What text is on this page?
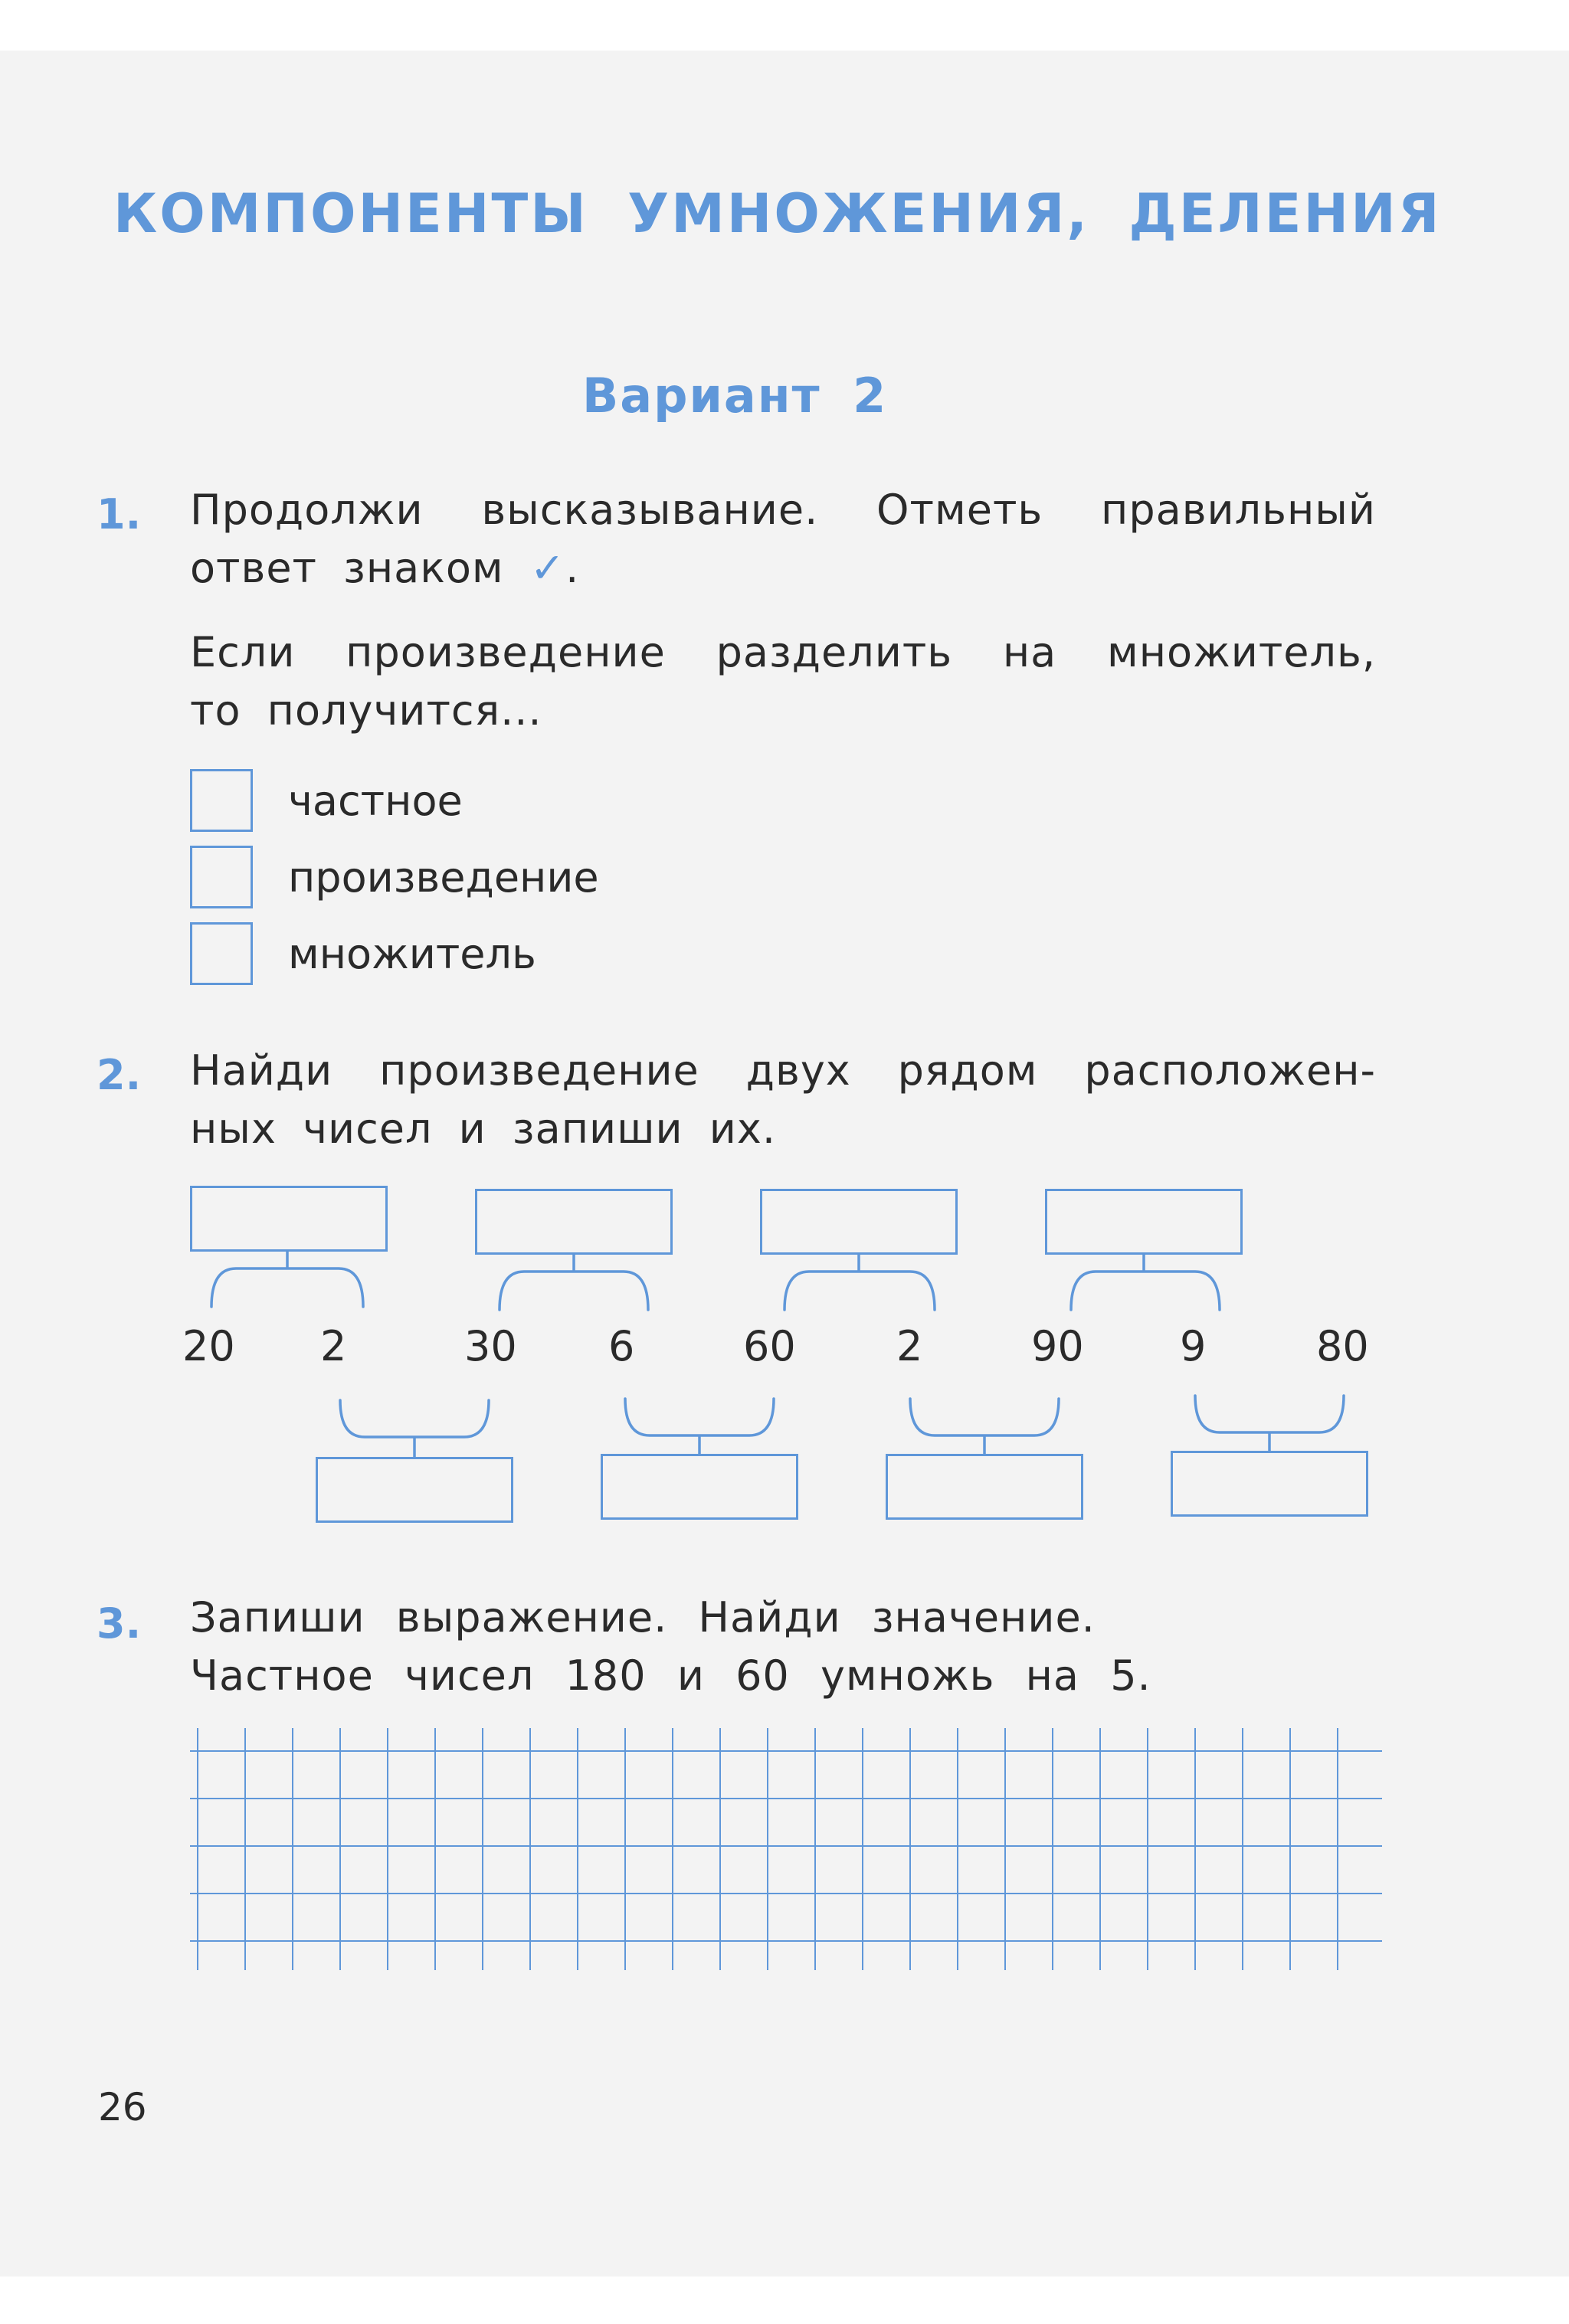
КОМПОНЕНТЫ УМНОЖЕНИЯ, ДЕЛЕНИЯ
Вариант 2
1. Продолжи высказывание. Отметь правильный
ответ знаком ✓.
Если произведение разделить на множитель,
то получится...
частное
произведение
множитель
2. Найди произведение двух рядом расположен-
ных чисел и запиши их.
20 2	30 6	60 2	90 9	80
3. Запиши выражение. Найди значение.
Частное чисел 180 и 60 умножь на 5.
26
